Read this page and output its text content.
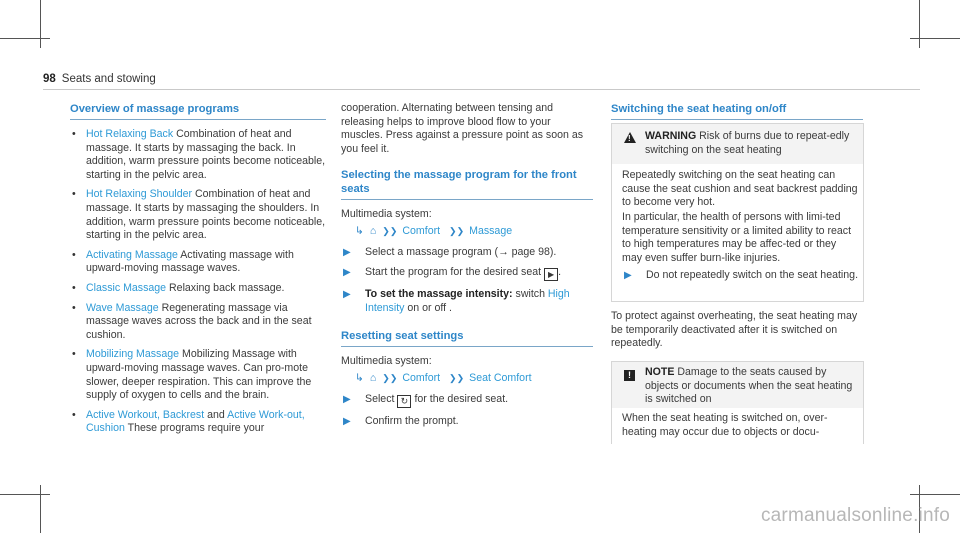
98 Seats and stowing
Overview of massage programs
• Hot Relaxing Back Combination of heat and massage. It starts by massaging the back. In addition, warm pressure points become noticeable, starting in the pelvic area.
• Hot Relaxing Shoulder Combination of heat and massage. It starts by massaging the shoulders. In addition, warm pressure points become noticeable, starting in the pelvic area.
• Activating Massage Activating massage with upward-moving massage waves.
• Classic Massage Relaxing back massage.
• Wave Massage Regenerating massage via massage waves across the back and in the seat cushion.
• Mobilizing Massage Mobilizing Massage with upward-moving massage waves. Can pro-mote slower, deeper respiration. This can improve the supply of oxygen to cells and the brain.
• Active Workout, Backrest and Active Work-out, Cushion These programs require your
cooperation. Alternating between tensing and releasing helps to improve blood flow to your muscles. Press against a pressure point as soon as you feel it.
Selecting the massage program for the front seats
Multimedia system:
↳ ⌂ ❯❯ Comfort ❯❯ Massage
▶ Select a massage program (→ page 98).
▶ Start the program for the desired seat ▶ .
▶ To set the massage intensity: switch High Intensity on or off .
Resetting seat settings
Multimedia system:
↳ ⌂ ❯❯ Comfort ❯❯ Seat Comfort
▶ Select ↻ for the desired seat.
▶ Confirm the prompt.
Switching the seat heating on/off
!
WARNING Risk of burns due to repeat-edly switching on the seat heating
Repeatedly switching on the seat heating can cause the seat cushion and seat backrest padding to become very hot.
In particular, the health of persons with limi-ted temperature sensitivity or a limited ability to react to high temperatures may be affec-ted or they may even suffer burn-like injuries.
▶ Do not repeatedly switch on the seat heating.
To protect against overheating, the seat heating may be temporarily deactivated after it is switched on repeatedly.
!	NOTE Damage to the seats caused by objects or documents when the seat heating is switched on
When the seat heating is switched on, over-heating may occur due to objects or docu-
carmanualsonline.info
